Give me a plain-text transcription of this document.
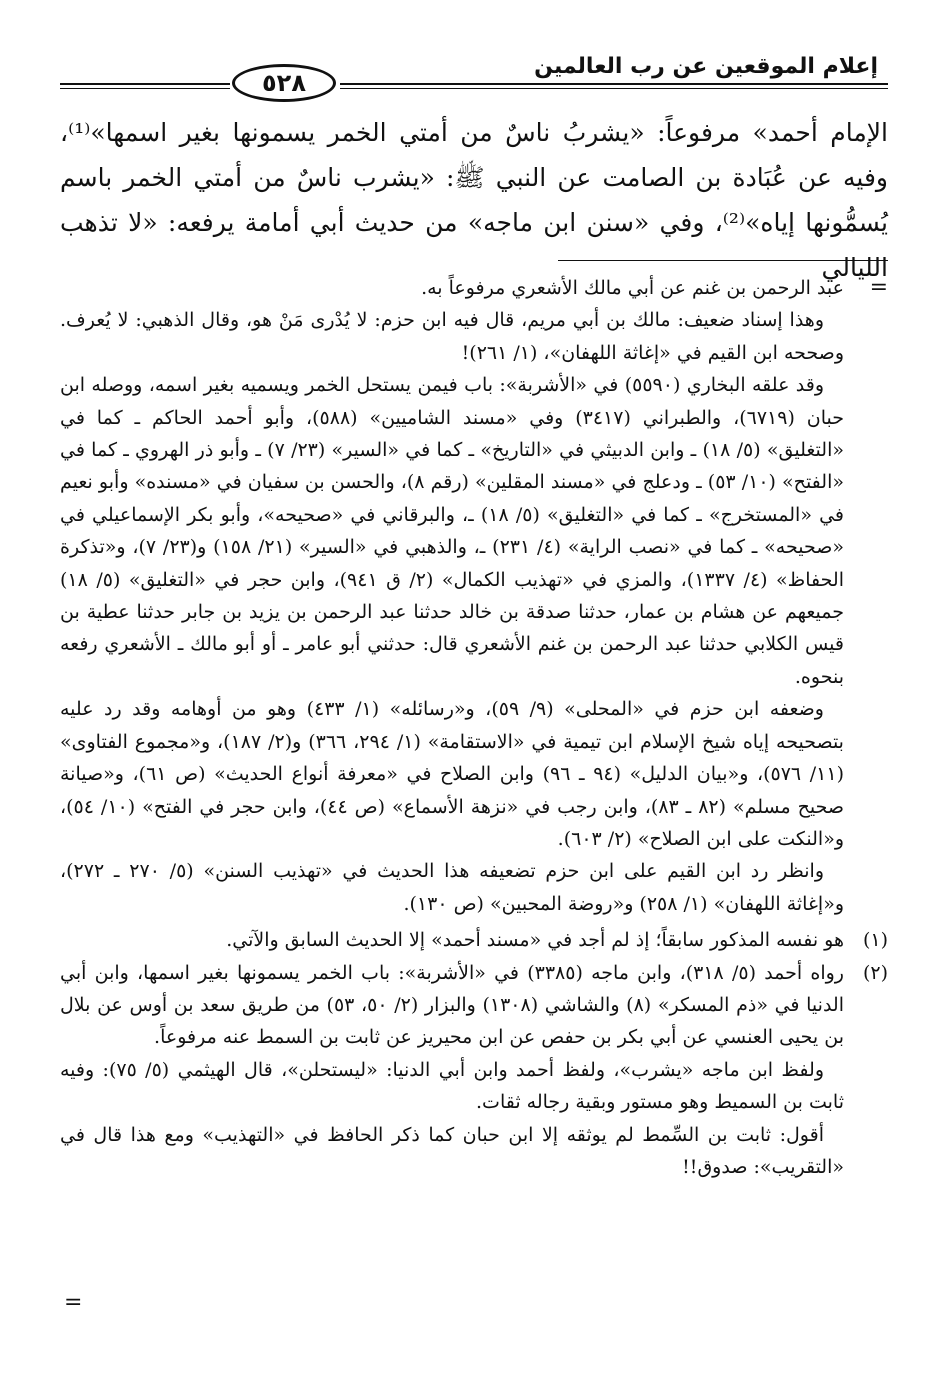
إعلام الموقعين عن رب العالمين
٥٢٨

الإمام أحمد» مرفوعاً: «يشربُ ناسٌ من أمتي الخمر يسمونها بغير اسمها»⁽¹⁾، وفيه عن عُبَادة بن الصامت عن النبي ﷺ: «يشرب ناسٌ من أمتي الخمر باسم يُسمُّونها إياه»⁽²⁾، وفي «سنن ابن ماجه» من حديث أبي أمامة يرفعه: «لا تذهب الليالي

=

عبد الرحمن بن غنم عن أبي مالك الأشعري مرفوعاً به.

وهذا إسناد ضعيف: مالك بن أبي مريم، قال فيه ابن حزم: لا يُدْرى مَنْ هو، وقال الذهبي: لا يُعرف. وصححه ابن القيم في «إغاثة اللهفان»، (١/ ٢٦١)!

وقد علقه البخاري (٥٥٩٠) في «الأشربة»: باب فيمن يستحل الخمر ويسميه بغير اسمه، ووصله ابن حبان (٦٧١٩)، والطبراني (٣٤١٧) وفي «مسند الشاميين» (٥٨٨)، وأبو أحمد الحاكم ـ كما في «التغليق» (٥/ ١٨) ـ وابن الدبيثي في «التاريخ» ـ كما في «السير» (٢٣/ ٧) ـ وأبو ذر الهروي ـ كما في «الفتح» (١٠/ ٥٣) ـ ودعلج في «مسند المقلين» (رقم ٨)، والحسن بن سفيان في «مسنده» وأبو نعيم في «المستخرج» ـ كما في «التغليق» (٥/ ١٨) ـ، والبرقاني في «صحيحه»، وأبو بكر الإسماعيلي في «صحيحه» ـ كما في «نصب الراية» (٤/ ٢٣١) ـ، والذهبي في «السير» (٢١/ ١٥٨) و(٢٣/ ٧)، و«تذكرة الحفاظ» (٤/ ١٣٣٧)، والمزي في «تهذيب الكمال» (٢/ ق ٩٤١)، وابن حجر في «التغليق» (٥/ ١٨) جميعهم عن هشام بن عمار، حدثنا صدقة بن خالد حدثنا عبد الرحمن بن يزيد بن جابر حدثنا عطية بن قيس الكلابي حدثنا عبد الرحمن بن غنم الأشعري قال: حدثني أبو عامر ـ أو أبو مالك ـ الأشعري رفعه بنحوه.

وضعفه ابن حزم في «المحلى» (٩/ ٥٩)، و«رسائله» (١/ ٤٣٣) وهو من أوهامه وقد رد عليه بتصحيحه إياه شيخ الإسلام ابن تيمية في «الاستقامة» (١/ ٢٩٤، ٣٦٦) و(٢/ ١٨٧)، و«مجموع الفتاوى» (١١/ ٥٧٦)، و«بيان الدليل» (٩٤ ـ ٩٦) وابن الصلاح في «معرفة أنواع الحديث» (ص ٦١)، و«صيانة صحيح مسلم» (٨٢ ـ ٨٣)، وابن رجب في «نزهة الأسماع» (ص ٤٤)، وابن حجر في الفتح» (١٠/ ٥٤)، و«النكت على ابن الصلاح» (٢/ ٦٠٣).

وانظر رد ابن القيم على ابن حزم تضعيفه هذا الحديث في «تهذيب السنن» (٥/ ٢٧٠ ـ ٢٧٢)، و«إغاثة اللهفان» (١/ ٢٥٨) و«روضة المحبين» (ص ١٣٠).

(١)

هو نفسه المذكور سابقاً؛ إذ لم أجد في «مسند أحمد» إلا الحديث السابق والآتي.

(٢)

رواه أحمد (٥/ ٣١٨)، وابن ماجه (٣٣٨٥) في «الأشربة»: باب الخمر يسمونها بغير اسمها، وابن أبي الدنيا في «ذم المسكر» (٨) والشاشي (١٣٠٨) والبزار (٢/ ٥٠، ٥٣) من طريق سعد بن أوس عن بلال بن يحيى العنسي عن أبي بكر بن حفص عن ابن محيريز عن ثابت بن السمط عنه مرفوعاً.

ولفظ ابن ماجه «يشرب»، ولفظ أحمد وابن أبي الدنيا: «ليستحلن»، قال الهيثمي (٥/ ٧٥): وفيه ثابت بن السميط وهو مستور وبقية رجاله ثقات.

أقول: ثابت بن السِّمط لم يوثقه إلا ابن حبان كما ذكر الحافظ في «التهذيب» ومع هذا قال في «التقريب»: صدوق!!

=
